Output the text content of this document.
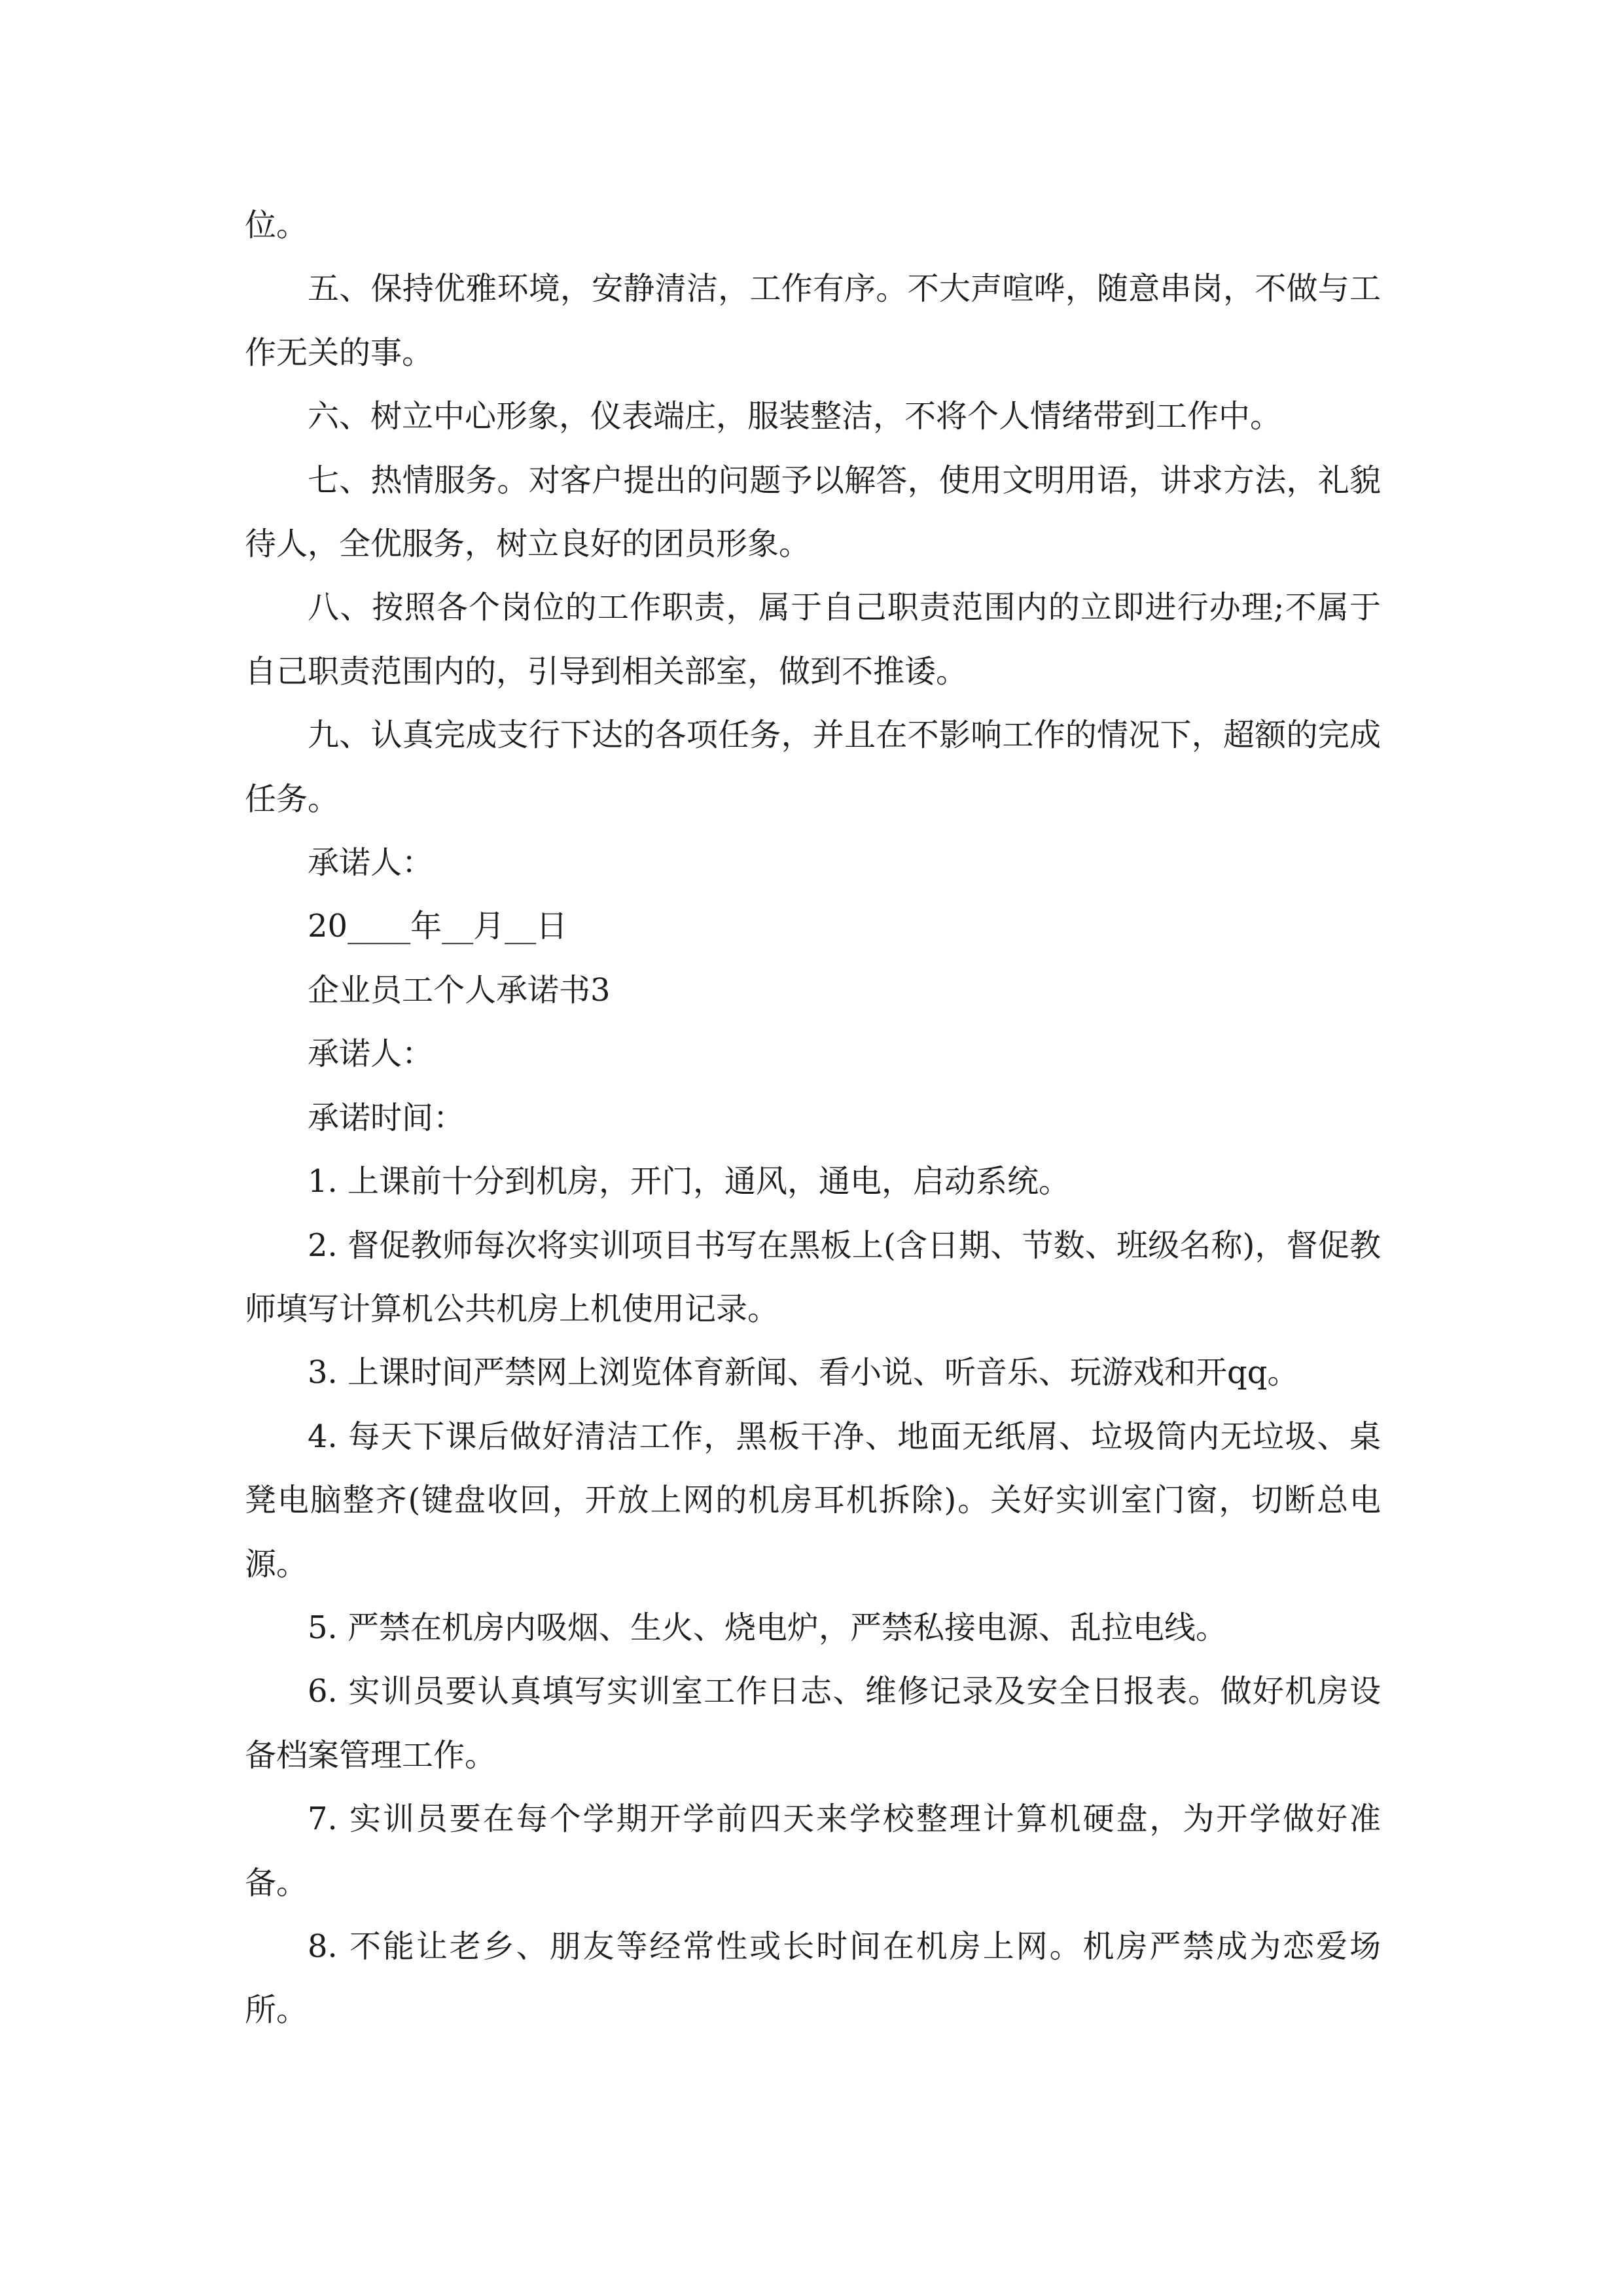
位。

五、保持优雅环境，安静清洁，工作有序。不大声喧哗，随意串岗，不做与工作无关的事。

六、树立中心形象，仪表端庄，服装整洁，不将个人情绪带到工作中。

七、热情服务。对客户提出的问题予以解答，使用文明用语，讲求方法，礼貌待人，全优服务，树立良好的团员形象。

八、按照各个岗位的工作职责，属于自己职责范围内的立即进行办理;不属于自己职责范围内的，引导到相关部室，做到不推诿。

九、认真完成支行下达的各项任务，并且在不影响工作的情况下，超额的完成任务。

承诺人：

20____年__月__日

企业员工个人承诺书3

承诺人：

承诺时间：

1. 上课前十分到机房，开门，通风，通电，启动系统。

2. 督促教师每次将实训项目书写在黑板上(含日期、节数、班级名称)，督促教师填写计算机公共机房上机使用记录。

3. 上课时间严禁网上浏览体育新闻、看小说、听音乐、玩游戏和开qq。

4. 每天下课后做好清洁工作，黑板干净、地面无纸屑、垃圾筒内无垃圾、桌凳电脑整齐(键盘收回，开放上网的机房耳机拆除)。关好实训室门窗，切断总电源。

5. 严禁在机房内吸烟、生火、烧电炉，严禁私接电源、乱拉电线。

6. 实训员要认真填写实训室工作日志、维修记录及安全日报表。做好机房设备档案管理工作。

7. 实训员要在每个学期开学前四天来学校整理计算机硬盘，为开学做好准备。

8. 不能让老乡、朋友等经常性或长时间在机房上网。机房严禁成为恋爱场所。
